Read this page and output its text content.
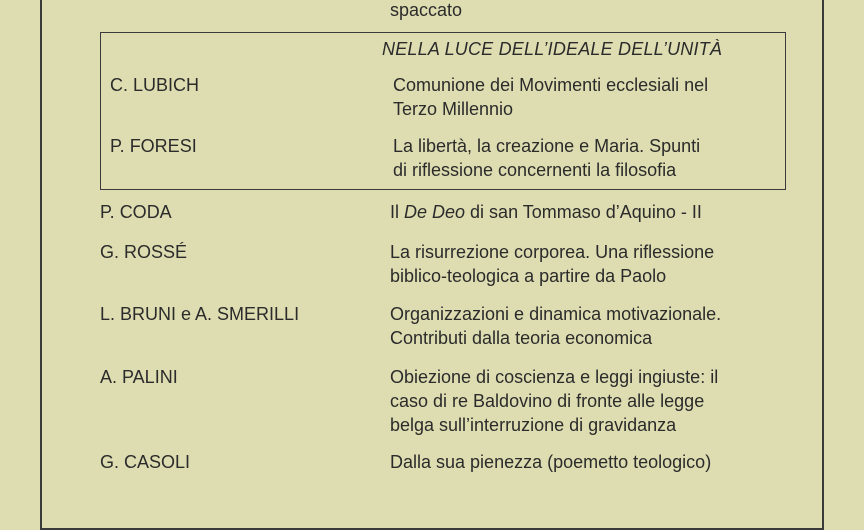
spaccato
NELLA LUCE DELL’IDEALE DELL’UNITÀ
C. LUBICH	Comunione dei Movimenti ecclesiali nel
Terzo Millennio
P. FORESI	La libertà, la creazione e Maria. Spunti
di riflessione concernenti la filosofia
P. CODA	Il De Deo di san Tommaso d’Aquino - II
G. ROSSÉ	La risurrezione corporea. Una riflessione
biblico-teologica a partire da Paolo
L. BRUNI e A. SMERILLI	Organizzazioni e dinamica motivazionale.
Contributi dalla teoria economica
A. PALINI	Obiezione di coscienza e leggi ingiuste: il
caso di re Baldovino di fronte alle legge
belga sull’interruzione di gravidanza
G. CASOLI	Dalla sua pienezza (poemetto teologico)
